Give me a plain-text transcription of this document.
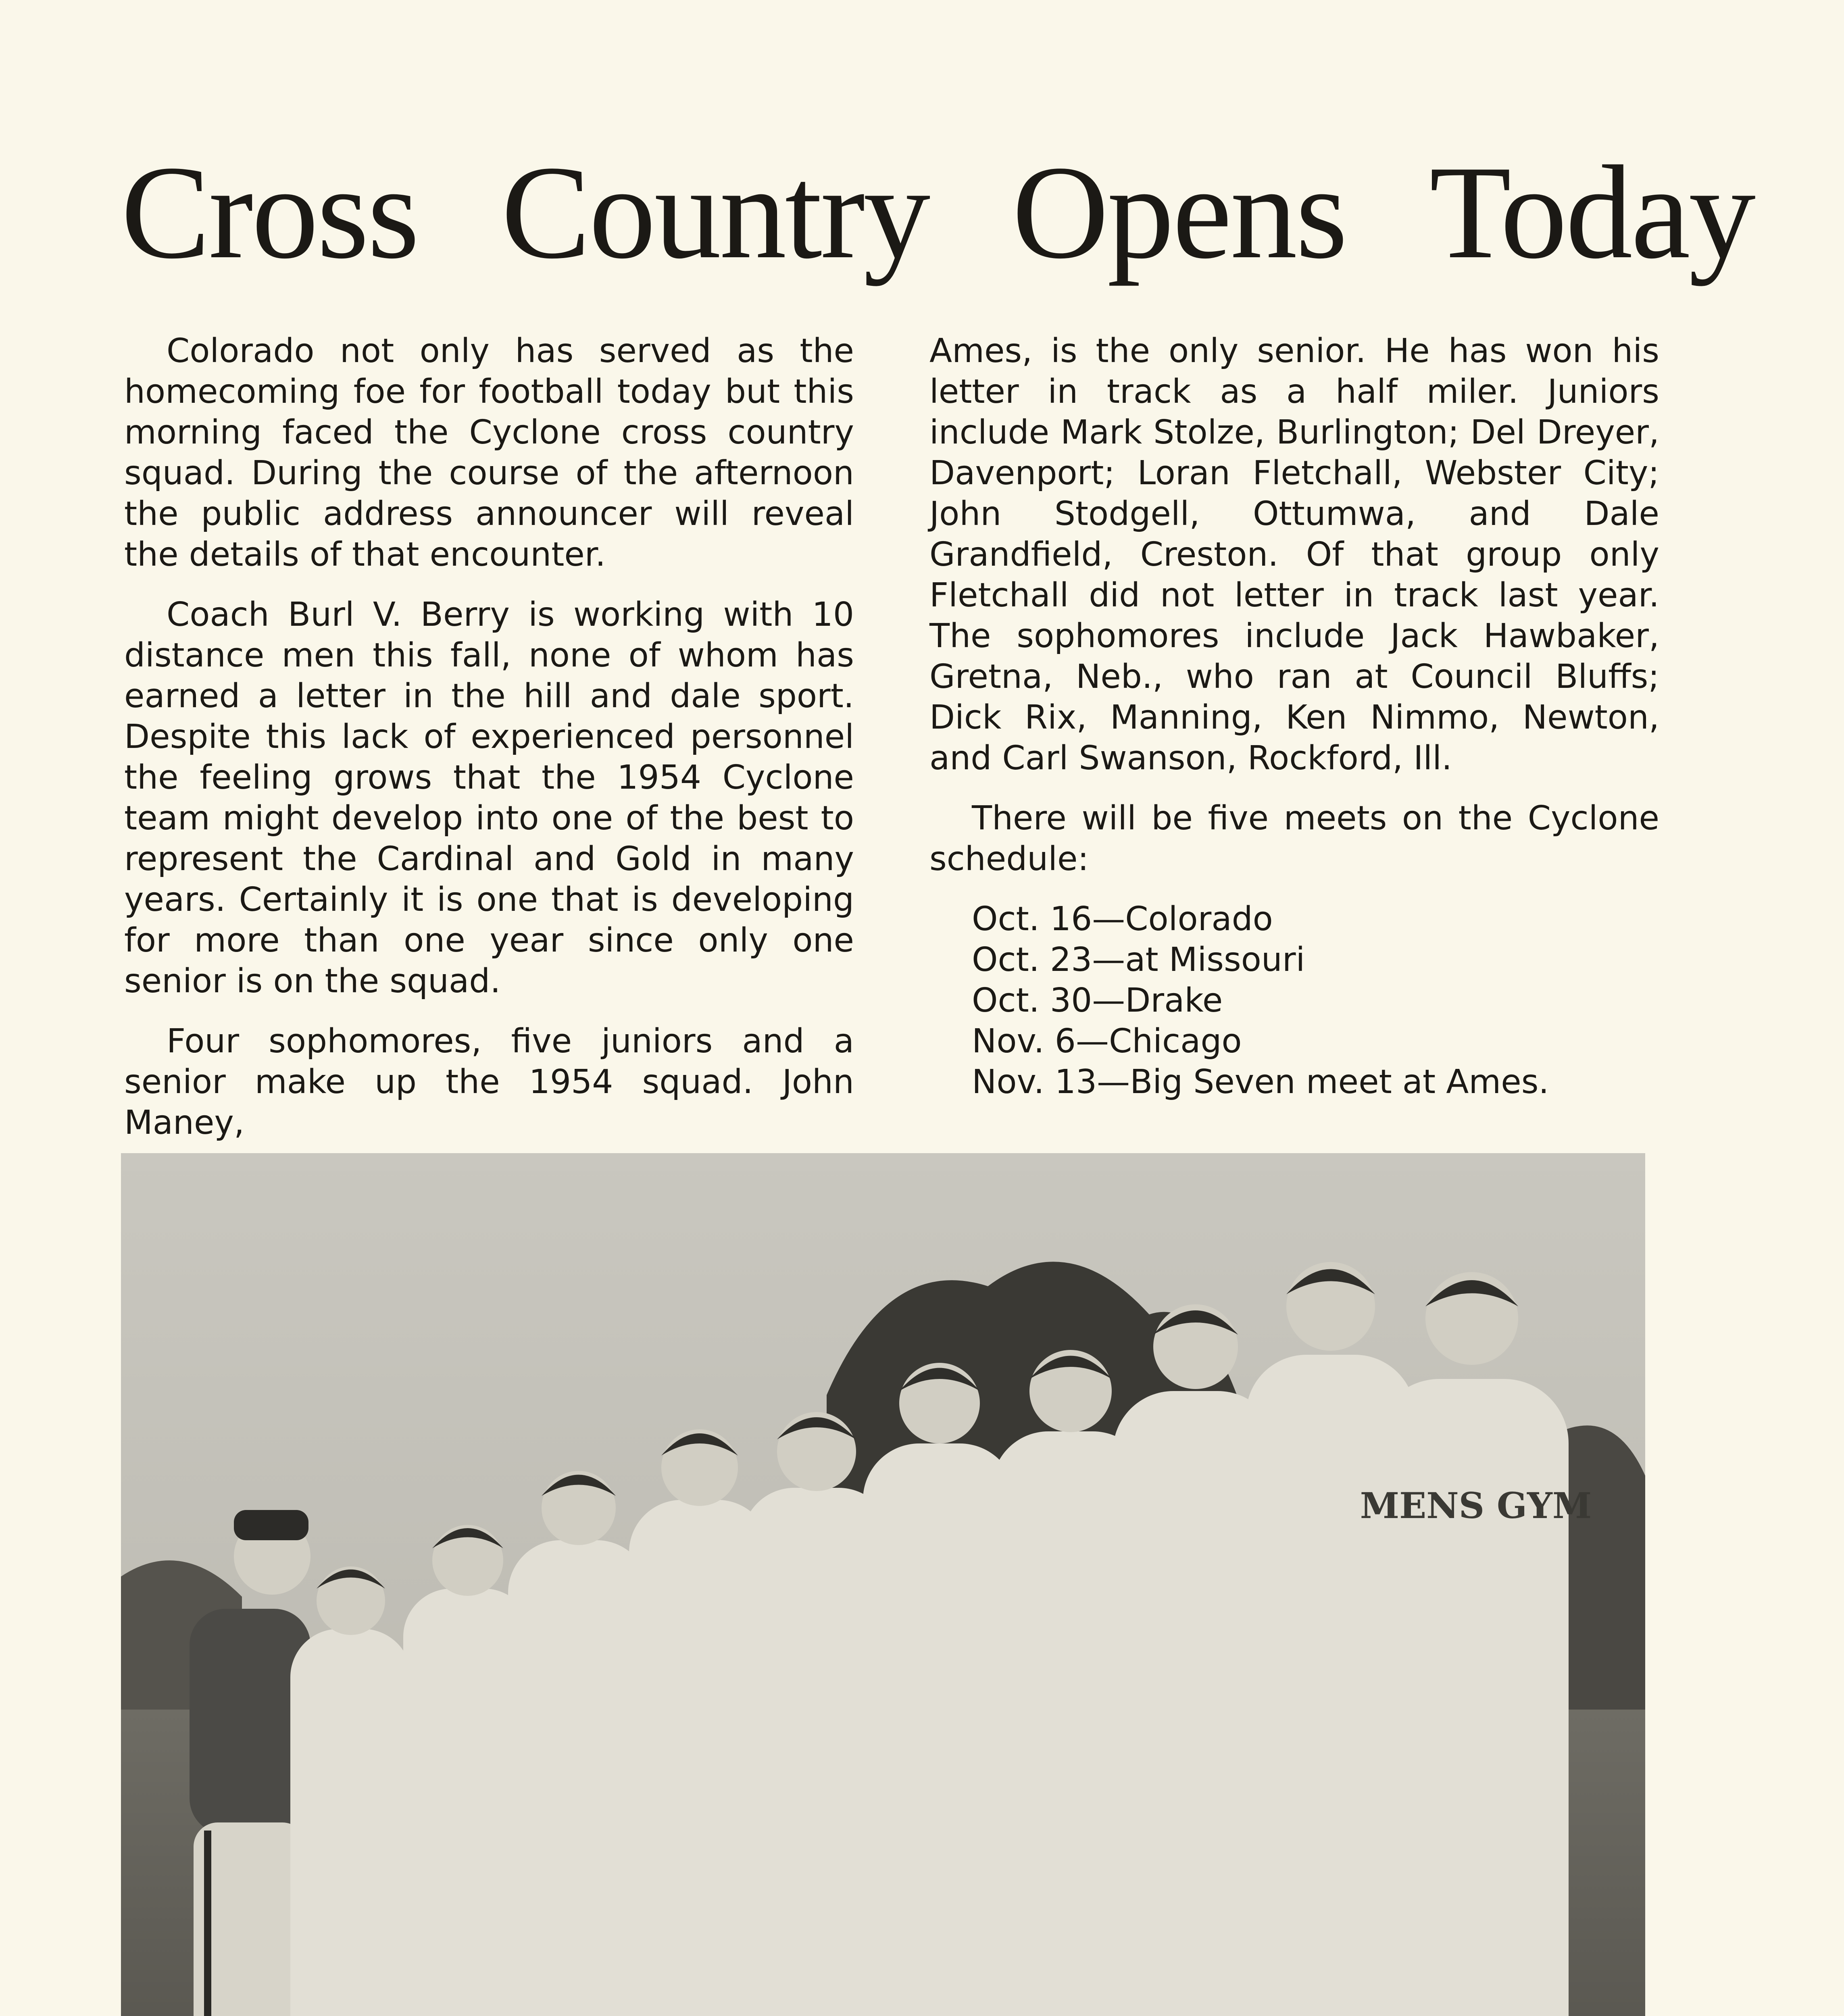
Cross Country Opens Today

Colorado not only has served as the homecoming foe for football today but this morning faced the Cyclone cross country squad. During the course of the afternoon the public address announcer will reveal the details of that encounter.

Coach Burl V. Berry is working with 10 distance men this fall, none of whom has earned a letter in the hill and dale sport. Despite this lack of experienced personnel the feeling grows that the 1954 Cyclone team might develop into one of the best to represent the Cardinal and Gold in many years. Certainly it is one that is developing for more than one year since only one senior is on the squad.

Four sophomores, five juniors and a senior make up the 1954 squad. John Maney,

Ames, is the only senior. He has won his letter in track as a half miler. Juniors include Mark Stolze, Burlington; Del Dreyer, Davenport; Loran Fletchall, Webster City; John Stodgell, Ottumwa, and Dale Grandfield, Creston. Of that group only Fletchall did not letter in track last year. The sophomores include Jack Hawbaker, Gretna, Neb., who ran at Council Bluffs; Dick Rix, Manning, Ken Nimmo, Newton, and Carl Swanson, Rockford, Ill.

There will be five meets on the Cyclone schedule:

Oct. 16—Colorado
Oct. 23—at Missouri
Oct. 30—Drake
Nov. 6—Chicago
Nov. 13—Big Seven meet at Ames.
MENS GYM
